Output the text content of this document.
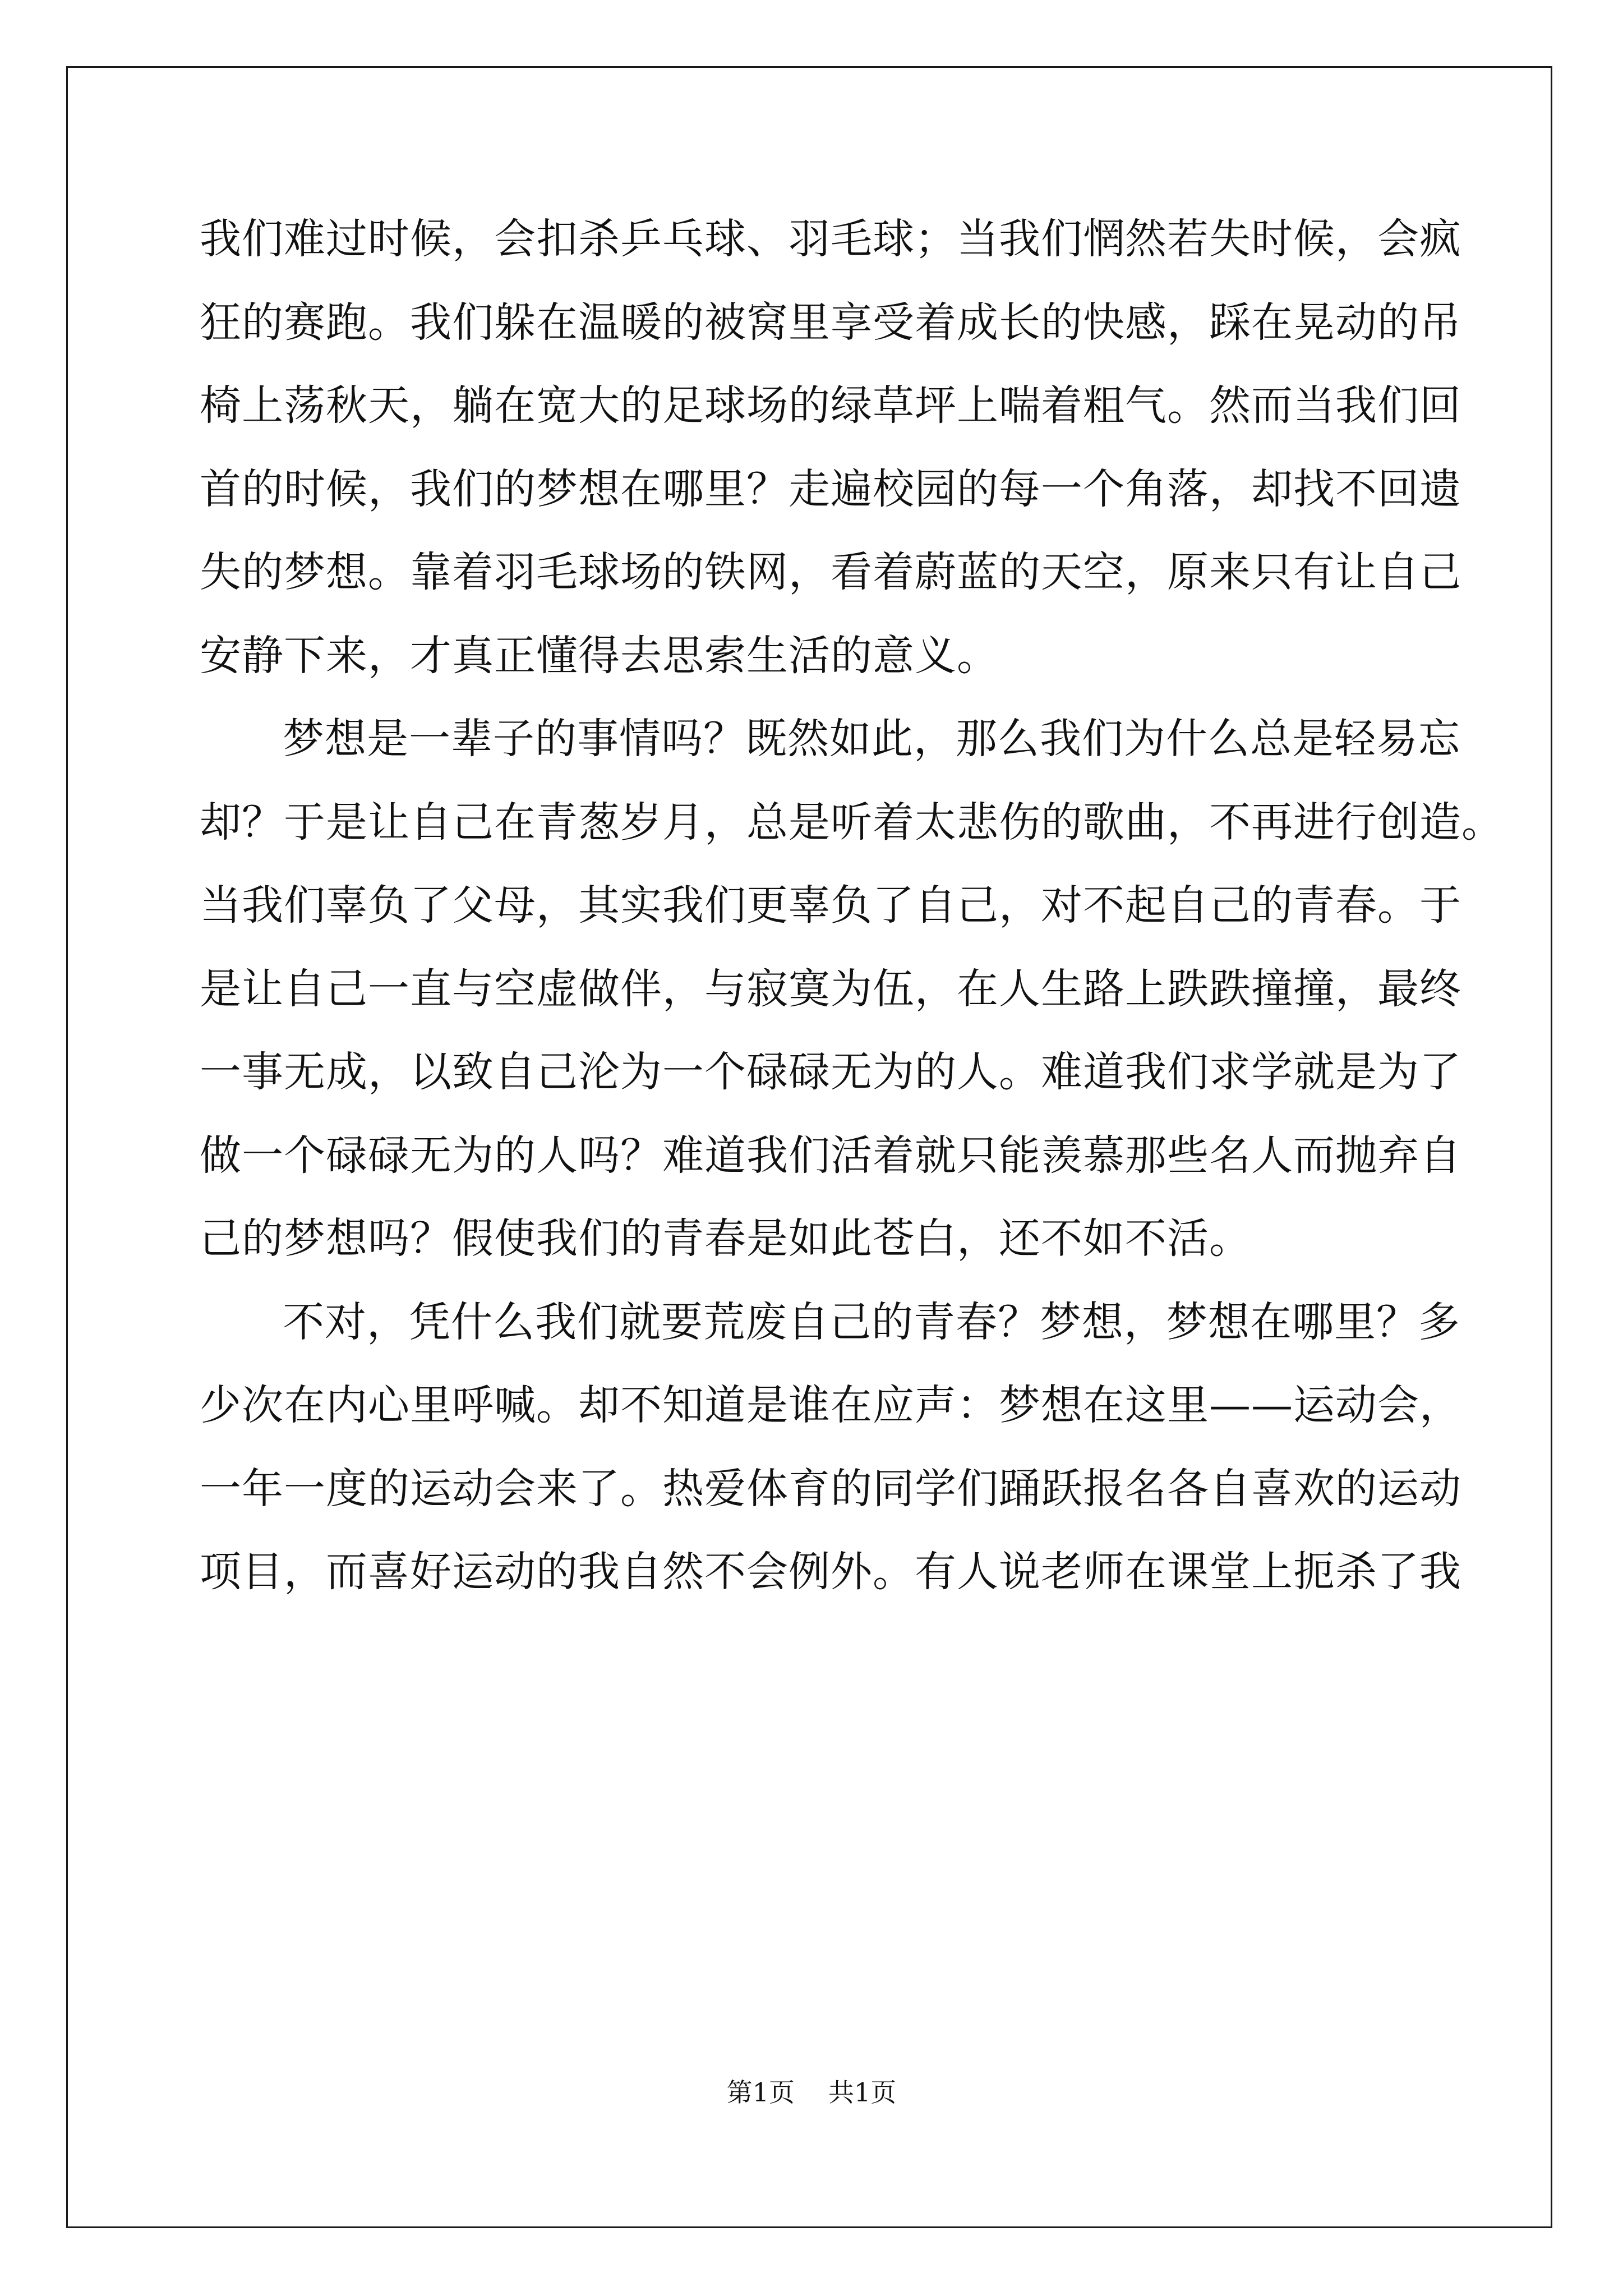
我们难过时候，会扣杀乒乓球、羽毛球；当我们惘然若失时候，会疯
狂的赛跑。我们躲在温暖的被窝里享受着成长的快感，踩在晃动的吊
椅上荡秋天，躺在宽大的足球场的绿草坪上喘着粗气。然而当我们回
首的时候，我们的梦想在哪里？走遍校园的每一个角落，却找不回遗
失的梦想。靠着羽毛球场的铁网，看着蔚蓝的天空，原来只有让自己
安静下来，才真正懂得去思索生活的意义。
梦想是一辈子的事情吗？既然如此，那么我们为什么总是轻易忘
却？于是让自己在青葱岁月，总是听着太悲伤的歌曲，不再进行创造。
当我们辜负了父母，其实我们更辜负了自己，对不起自己的青春。于
是让自己一直与空虚做伴，与寂寞为伍，在人生路上跌跌撞撞，最终
一事无成，以致自己沦为一个碌碌无为的人。难道我们求学就是为了
做一个碌碌无为的人吗？难道我们活着就只能羡慕那些名人而抛弃自
己的梦想吗？假使我们的青春是如此苍白，还不如不活。
不对，凭什么我们就要荒废自己的青春？梦想，梦想在哪里？多
少次在内心里呼喊。却不知道是谁在应声：梦想在这里——运动会，
一年一度的运动会来了。热爱体育的同学们踊跃报名各自喜欢的运动
项目，而喜好运动的我自然不会例外。有人说老师在课堂上扼杀了我
第1页 共1页
